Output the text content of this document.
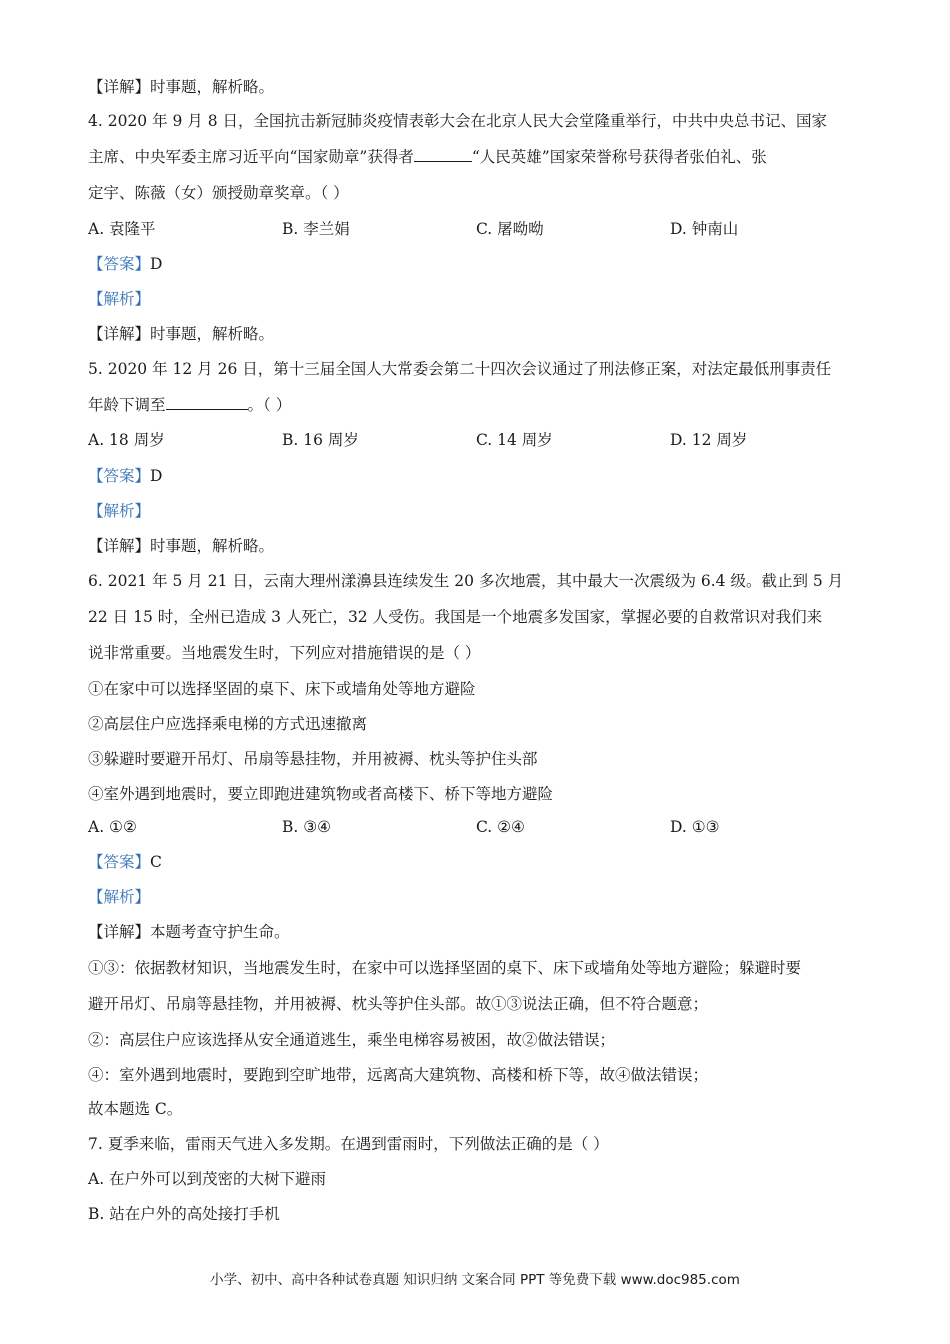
【详解】时事题，解析略。
4. 2020 年 9 月 8 日，全国抗击新冠肺炎疫情表彰大会在北京人民大会堂隆重举行，中共中央总书记、国家
主席、中央军委主席习近平向“国家勋章”获得者	“人民英雄”国家荣誉称号获得者张伯礼、张
定宇、陈薇（女）颁授勋章奖章。（ ）
A. 袁隆平	B. 李兰娟	C. 屠呦呦	D. 钟南山
【答案】D
【解析】
【详解】时事题，解析略。
5. 2020 年 12 月 26 日，第十三届全国人大常委会第二十四次会议通过了刑法修正案，对法定最低刑事责任
年龄下调至	。（ ）
A. 18 周岁	B. 16 周岁	C. 14 周岁	D. 12 周岁
【答案】D
【解析】
【详解】时事题，解析略。
6. 2021 年 5 月 21 日，云南大理州漾濞县连续发生 20 多次地震，其中最大一次震级为 6.4 级。截止到 5 月
22 日 15 时，全州已造成 3 人死亡，32 人受伤。我国是一个地震多发国家，掌握必要的自救常识对我们来
说非常重要。当地震发生时，下列应对措施错误的是（ ）
①在家中可以选择坚固的桌下、床下或墙角处等地方避险
②高层住户应选择乘电梯的方式迅速撤离
③躲避时要避开吊灯、吊扇等悬挂物，并用被褥、枕头等护住头部
④室外遇到地震时，要立即跑进建筑物或者高楼下、桥下等地方避险
A. ①②	B. ③④	C. ②④	D. ①③
【答案】C
【解析】
【详解】本题考查守护生命。
①③：依据教材知识，当地震发生时，在家中可以选择坚固的桌下、床下或墙角处等地方避险；躲避时要
避开吊灯、吊扇等悬挂物，并用被褥、枕头等护住头部。故①③说法正确，但不符合题意；
②：高层住户应该选择从安全通道逃生，乘坐电梯容易被困，故②做法错误；
④：室外遇到地震时，要跑到空旷地带，远离高大建筑物、高楼和桥下等，故④做法错误；
故本题选 C。
7. 夏季来临，雷雨天气进入多发期。在遇到雷雨时，下列做法正确的是（ ）
A. 在户外可以到茂密的大树下避雨
B. 站在户外的高处接打手机
小学、初中、高中各种试卷真题 知识归纳 文案合同 PPT 等免费下载 www.doc985.com
